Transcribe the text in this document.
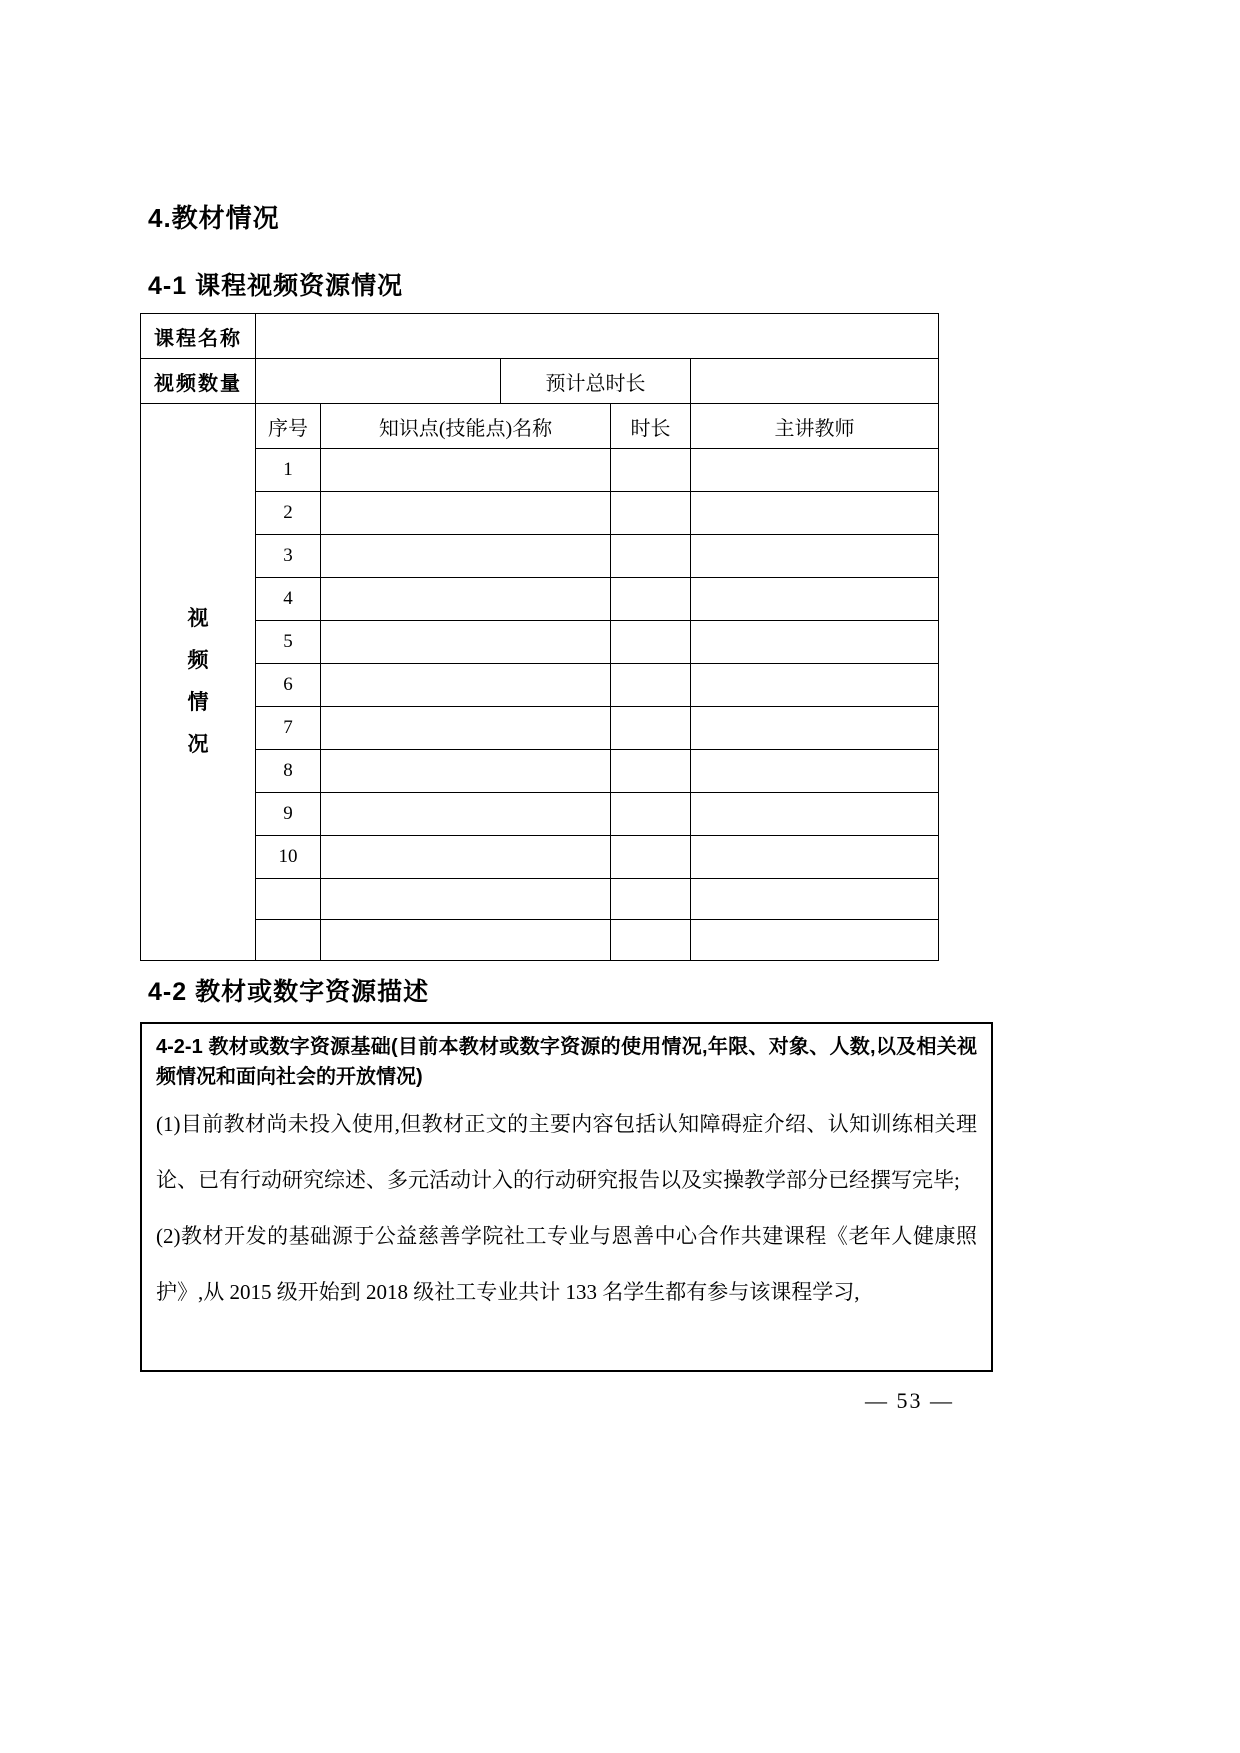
4.教材情况
4-1 课程视频资源情况
课程名称					
视频数量			预计总时长		

视频情况	序号	知识点(技能点)名称		时长	主讲教师
	1				
	2				
	3				
	4				
	5				
	6				
	7				
	8				
	9				
	10				

4-2 教材或数字资源描述

4-2-1 教材或数字资源基础(目前本教材或数字资源的使用情况,年限、对象、人数,以及相关视频情况和面向社会的开放情况)

(1)目前教材尚未投入使用,但教材正文的主要内容包括认知障碍症介绍、认知训练相关理论、已有行动研究综述、多元活动计入的行动研究报告以及实操教学部分已经撰写完毕;

(2)教材开发的基础源于公益慈善学院社工专业与恩善中心合作共建课程《老年人健康照护》,从 2015 级开始到 2018 级社工专业共计 133 名学生都有参与该课程学习,

— 53 —
